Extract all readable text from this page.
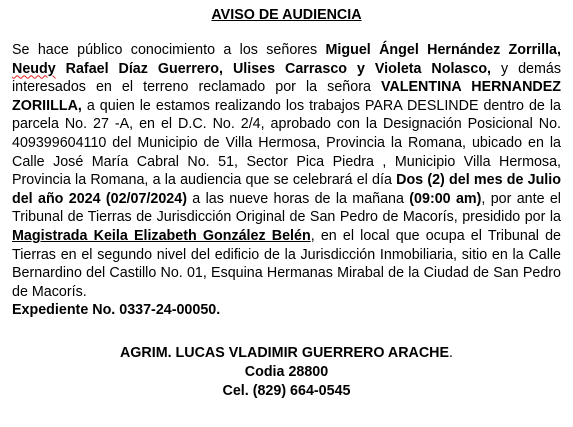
AVISO DE AUDIENCIA

Se hace público conocimiento a los señores Miguel Ángel Hernández Zorrilla, Neudy Rafael Díaz Guerrero, Ulises Carrasco y Violeta Nolasco, y demás interesados en el terreno reclamado por la señora VALENTINA HERNANDEZ ZORIILLA, a quien le estamos realizando los trabajos PARA DESLINDE dentro de la parcela No. 27 -A, en el D.C. No. 2/4, aprobado con la Designación Posicional No. 409399604110 del Municipio de Villa Hermosa, Provincia la Romana, ubicado en la Calle José María Cabral No. 51, Sector Pica Piedra , Municipio Villa Hermosa, Provincia la Romana, a la audiencia que se celebrará el día Dos (2) del mes de Julio del año 2024 (02/07/2024) a las nueve horas de la mañana (09:00 am), por ante el Tribunal de Tierras de Jurisdicción Original de San Pedro de Macorís, presidido por la Magistrada Keila Elizabeth González Belén, en el local que ocupa el Tribunal de Tierras en el segundo nivel del edificio de la Jurisdicción Inmobiliaria, sitio en la Calle Bernardino del Castillo No. 01, Esquina Hermanas Mirabal de la Ciudad de San Pedro de Macorís.
Expediente No. 0337-24-00050.

AGRIM. LUCAS VLADIMIR GUERRERO ARACHE.
Codia 28800
Cel. (829) 664-0545
